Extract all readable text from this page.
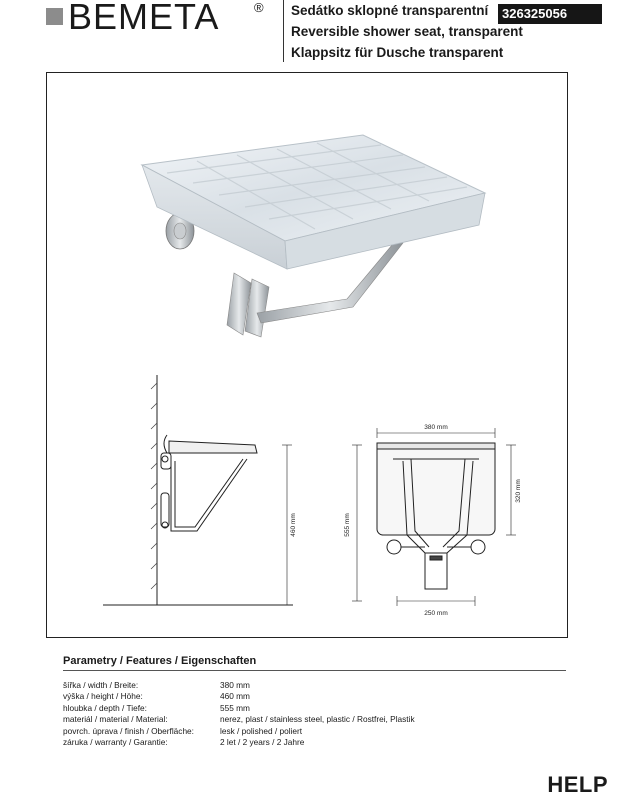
BEMETA	® Sedátko sklopné transparentní
Reversible shower seat, transparent
Klappsitz für Dusche transparent
326325056
460 mm
380 mm
555 mm
320 mm
250 mm
Parametry / Features / Eigenschaften
šířka / width / Breite:	380 mm
výška / height / Höhe:	460 mm
hloubka / depth / Tiefe:	555 mm
materiál / material / Material:	nerez, plast / stainless steel, plastic / Rostfrei, Plastik
povrch. úprava / finish / Oberfläche:	lesk / polished / poliert
záruka / warranty / Garantie:	2 let / 2 years / 2 Jahre
HELP
